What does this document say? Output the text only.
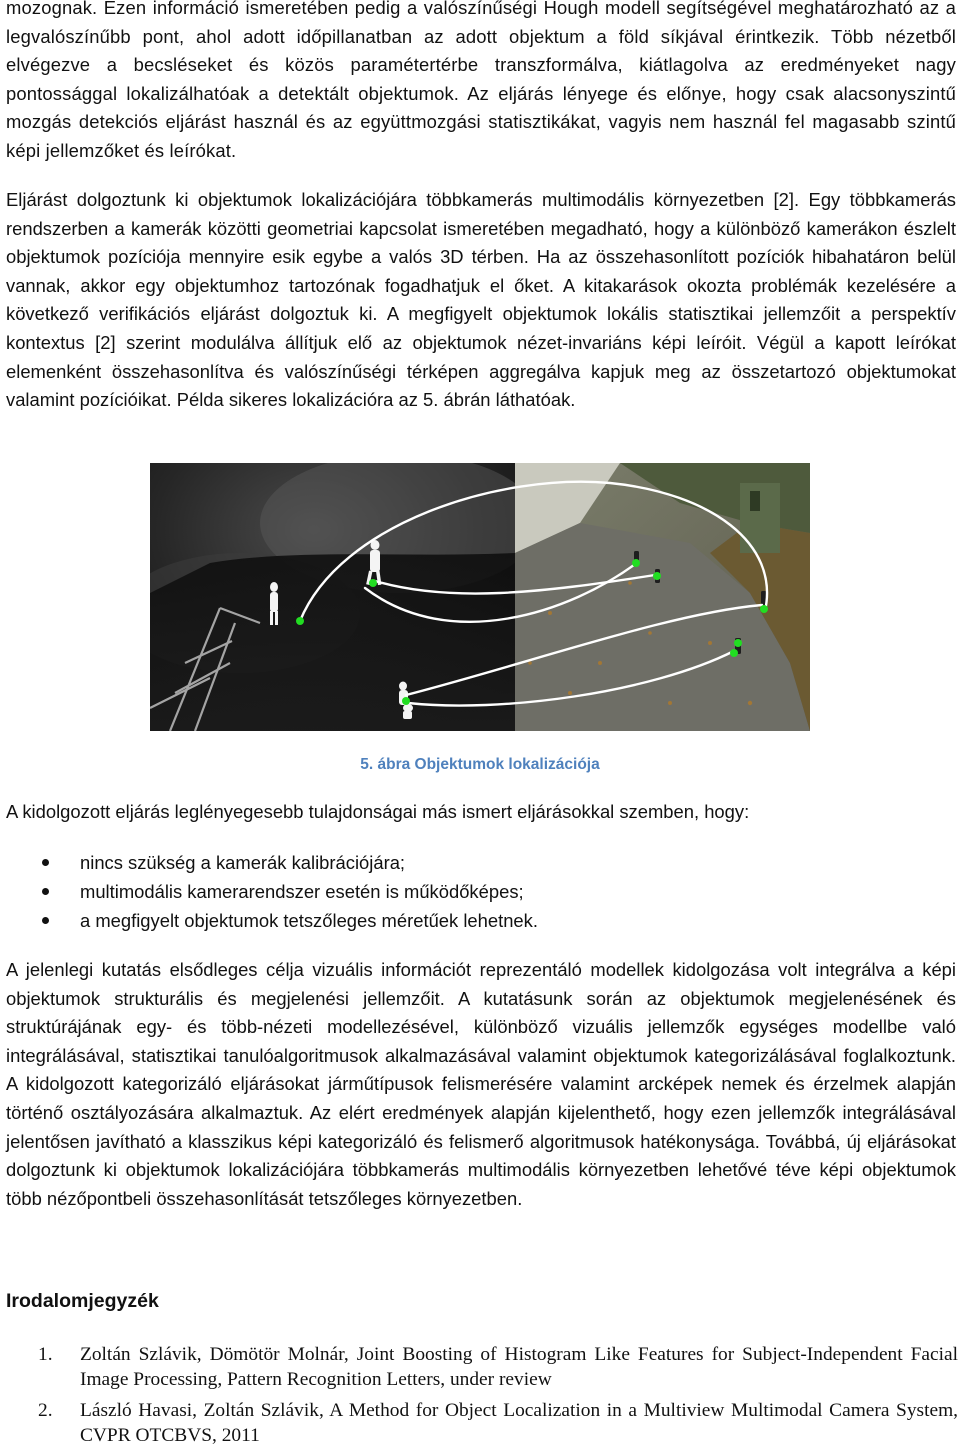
mozognak. Ezen információ ismeretében pedig a valószínűségi Hough modell segítségével meghatározható az a legvalószínűbb pont, ahol adott időpillanatban az adott objektum a föld síkjával érintkezik. Több nézetből elvégezve a becsléseket és közös paramétertérbe transzformálva, kiátlagolva az eredményeket nagy pontossággal lokalizálhatóak a detektált objektumok. Az eljárás lényege és előnye, hogy csak alacsonyszintű mozgás detekciós eljárást használ és az együttmozgási statisztikákat, vagyis nem használ fel magasabb szintű képi jellemzőket és leírókat.

Eljárást dolgoztunk ki objektumok lokalizációjára többkamerás multimodális környezetben [2]. Egy többkamerás rendszerben a kamerák közötti geometriai kapcsolat ismeretében megadható, hogy a különböző kamerákon észlelt objektumok pozíciója mennyire esik egybe a valós 3D térben. Ha az összehasonlított pozíciók hibahatáron belül vannak, akkor egy objektumhoz tartozónak fogadhatjuk el őket. A kitakarások okozta problémák kezelésére a következő verifikációs eljárást dolgoztuk ki. A megfigyelt objektumok lokális statisztikai jellemzőit a perspektív kontextus [2] szerint modulálva állítjuk elő az objektumok nézet-invariáns képi leíróit. Végül a kapott leírókat elemenként összehasonlítva és valószínűségi térképen aggregálva kapjuk meg az összetartozó objektumokat valamint pozícióikat. Példa sikeres lokalizációra az 5. ábrán láthatóak.

5. ábra Objektumok lokalizációja

A kidolgozott eljárás leglényegesebb tulajdonságai más ismert eljárásokkal szemben, hogy:

nincs szükség a kamerák kalibrációjára;
multimodális kamerarendszer esetén is működőképes;
a megfigyelt objektumok tetszőleges méretűek lehetnek.

A jelenlegi kutatás elsődleges célja vizuális információt reprezentáló modellek kidolgozása volt integrálva a képi objektumok strukturális és megjelenési jellemzőit. A kutatásunk során az objektumok megjelenésének és struktúrájának egy- és több-nézeti modellezésével, különböző vizuális jellemzők egységes modellbe való integrálásával, statisztikai tanulóalgoritmusok alkalmazásával valamint objektumok kategorizálásával foglalkoztunk. A kidolgozott kategorizáló eljárásokat járműtípusok felismerésére valamint arcképek nemek és érzelmek alapján történő osztályozására alkalmaztuk. Az elért eredmények alapján kijelenthető, hogy ezen jellemzők integrálásával jelentősen javítható a klasszikus képi kategorizáló és felismerő algoritmusok hatékonysága. Továbbá, új eljárásokat dolgoztunk ki objektumok lokalizációjára többkamerás multimodális környezetben lehetővé téve képi objektumok több nézőpontbeli összehasonlítását tetszőleges környezetben.

Irodalomjegyzék
1. Zoltán Szlávik, Dömötör Molnár, Joint Boosting of Histogram Like Features for Subject-Independent Facial Image Processing, Pattern Recognition Letters, under review
2. László Havasi, Zoltán Szlávik, A Method for Object Localization in a Multiview Multimodal Camera System, CVPR OTCBVS, 2011
